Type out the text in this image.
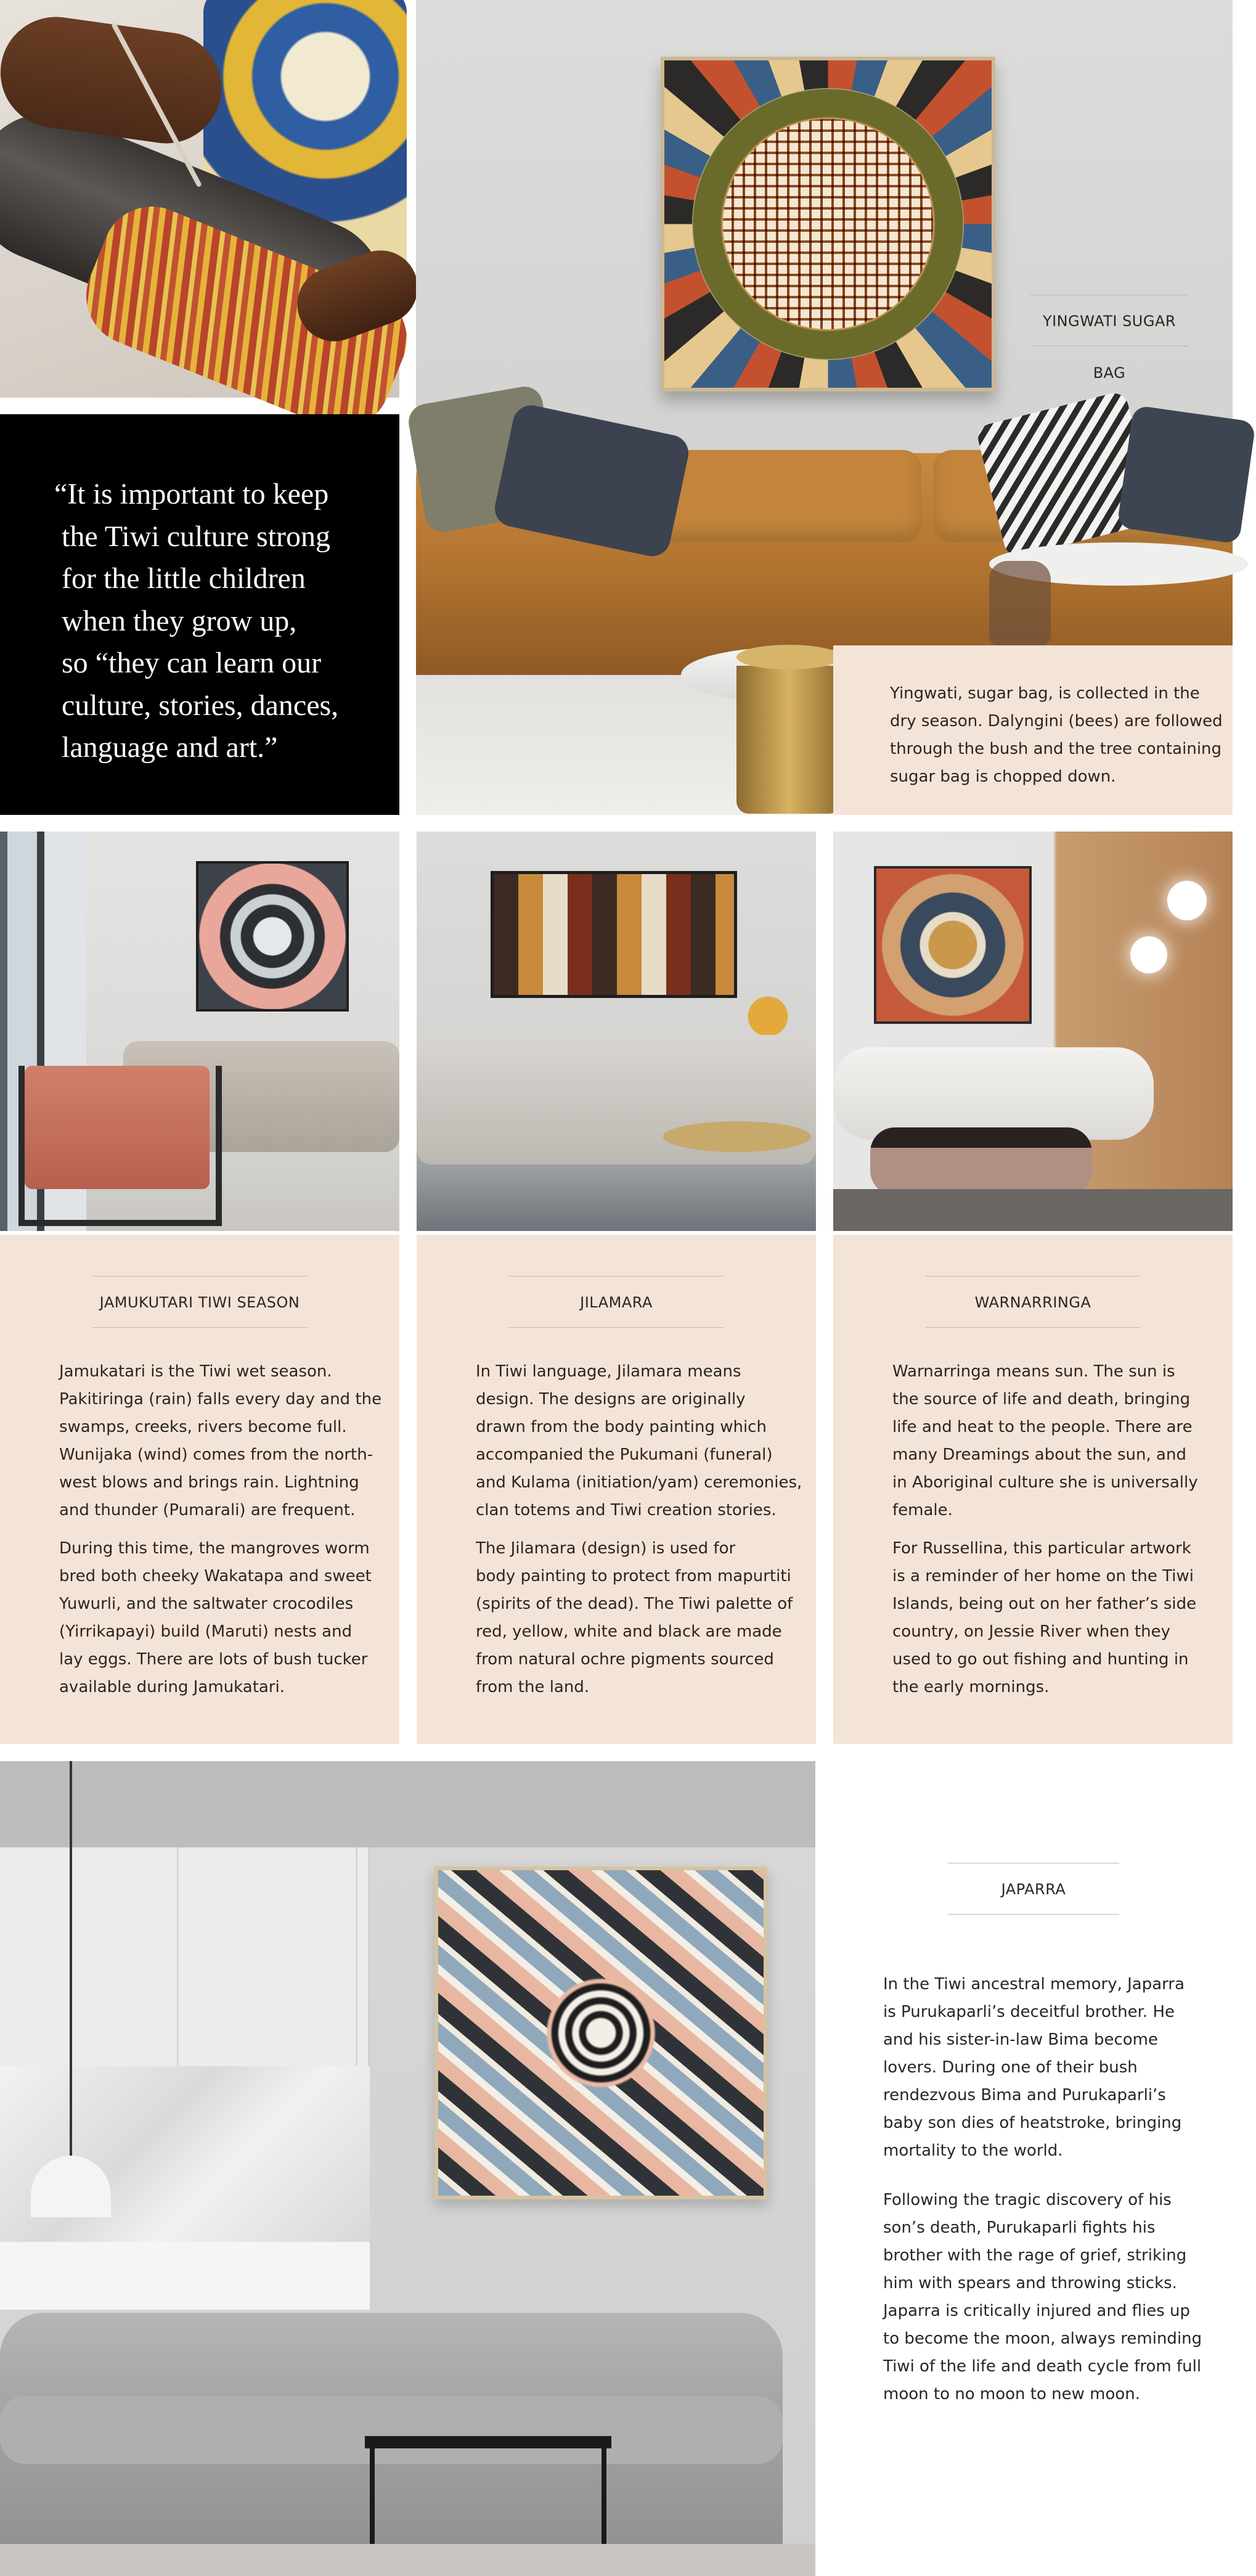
“It is important to keep
the Tiwi culture strong
for the little children
when they grow up,
so “they can learn our
culture, stories, dances,
language and art.”

YINGWATI SUGAR BAG

Yingwati, sugar bag, is collected in the
dry season. Dalyngini (bees) are followed
through the bush and the tree containing
sugar bag is chopped down.

JAMUKUTARI TIWI SEASON

Jamukatari is the Tiwi wet season.
Pakitiringa (rain) falls every day and the
swamps, creeks, rivers become full.
Wunijaka (wind) comes from the north-
west blows and brings rain. Lightning
and thunder (Pumarali) are frequent.

During this time, the mangroves worm
bred both cheeky Wakatapa and sweet
Yuwurli, and the saltwater crocodiles
(Yirrikapayi) build (Maruti) nests and
lay eggs. There are lots of bush tucker
available during Jamukatari.

JILAMARA

In Tiwi language, Jilamara means
design. The designs are originally
drawn from the body painting which
accompanied the Pukumani (funeral)
and Kulama (initiation/yam) ceremonies,
clan totems and Tiwi creation stories.

The Jilamara (design) is used for
body painting to protect from mapurtiti
(spirits of the dead). The Tiwi palette of
red, yellow, white and black are made
from natural ochre pigments sourced
from the land.

WARNARRINGA

Warnarringa means sun. The sun is
the source of life and death, bringing
life and heat to the people. There are
many Dreamings about the sun, and
in Aboriginal culture she is universally
female.

For Russellina, this particular artwork
is a reminder of her home on the Tiwi
Islands, being out on her father’s side
country, on Jessie River when they
used to go out fishing and hunting in
the early mornings.

JAPARRA

In the Tiwi ancestral memory, Japarra
is Purukaparli’s deceitful brother. He
and his sister-in-law Bima become
lovers. During one of their bush
rendezvous Bima and Purukaparli’s
baby son dies of heatstroke, bringing
mortality to the world.

Following the tragic discovery of his
son’s death, Purukaparli fights his
brother with the rage of grief, striking
him with spears and throwing sticks.
Japarra is critically injured and flies up
to become the moon, always reminding
Tiwi of the life and death cycle from full
moon to no moon to new moon.
